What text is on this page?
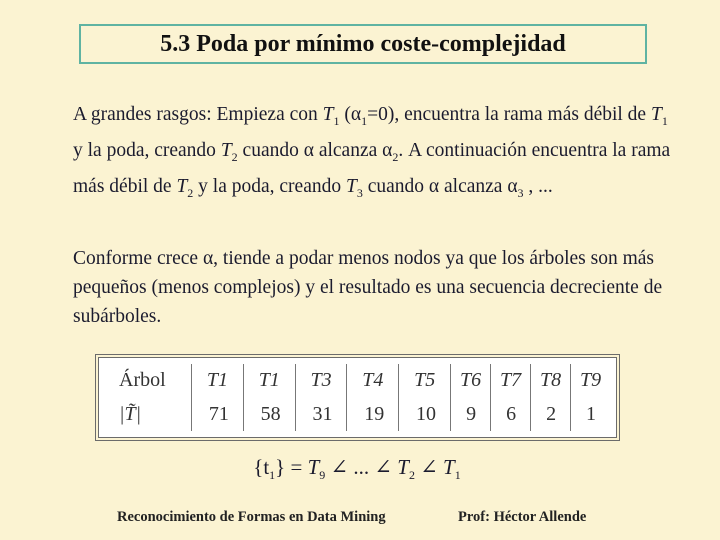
5.3 Poda por mínimo coste-complejidad

A grandes rasgos: Empieza con $T_1$ $(\alpha_1=0)$, encuentra la rama más débil de $T_1$ y la poda, creando $T_2$ cuando α alcanza $\alpha_2$. A continuación encuentra la rama más débil de $T_2$ y la poda, creando $T_3$ cuando α alcanza $\alpha_3$ , ...

Conforme crece α, tiende a podar menos nodos ya que los árboles son más pequeños (menos complejos) y el resultado es una secuencia decreciente de subárboles.

Árbol	T1	T1	T3	T4	T5	T6	T7	T8	T9
|T̃|	71	58	31	19	10	9	6	2	1
$\{t_1\} = T_9$ ∠ ... ∠ $T_2$ ∠ $T_1$
Reconocimiento de Formas en Data Mining	Prof: Héctor Allende
